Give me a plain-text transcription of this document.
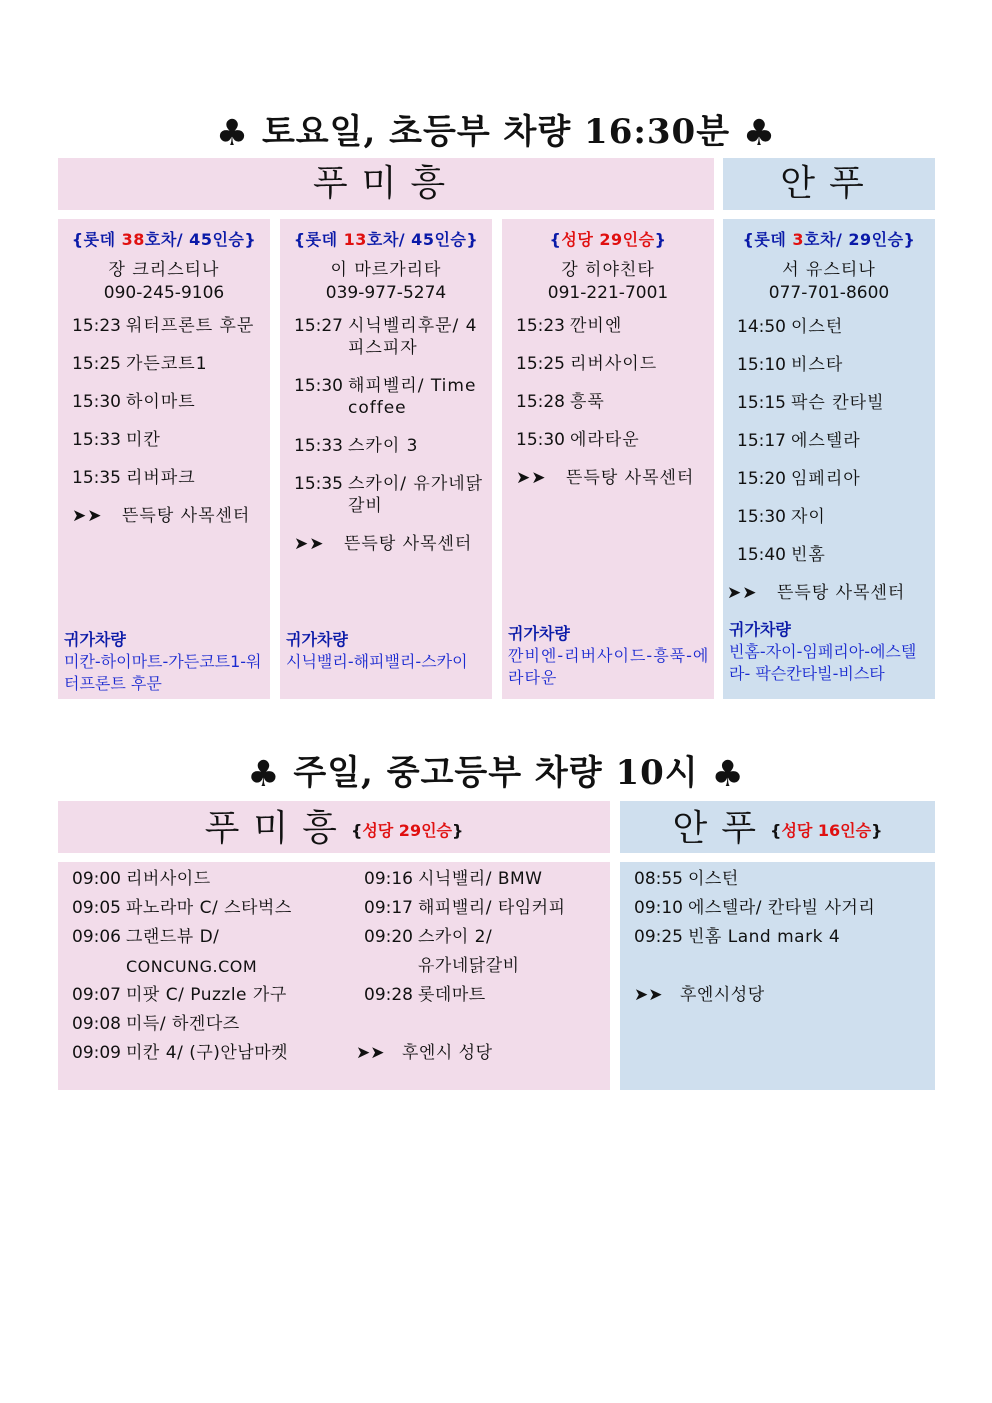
♣ 토요일, 초등부 차량 16:30분 ♣
푸미흥	안푸
{롯데 38호차/ 45인승}
장 크리스티나
090-245-9106
15:23 워터프론트 후문
15:25 가든코트1
15:30 하이마트
15:33 미칸
15:35 리버파크
➤➤	뜬득탕 사목센터
귀가차량
미칸-하이마트-가든코트1-워터프론트 후문
{롯데 13호차/ 45인승}
이 마르가리타
039-977-5274
15:27 시닉벨리후문/ 4피스피자
15:30 해피벨리/ Time coffee
15:33 스카이 3
15:35 스카이/ 유가네닭갈비
➤➤	뜬득탕 사목센터
귀가차량
시닉밸리-해피밸리-스카이
{성당 29인승}
강 히야친타
091-221-7001
15:23 깐비엔
15:25 리버사이드
15:28 흥푹
15:30 에라타운
➤➤	뜬득탕 사목센터
귀가차량
깐비엔-리버사이드-흥푹-에라타운
{롯데 3호차/ 29인승}
서 유스티나
077-701-8600
14:50 이스턴
15:10 비스타
15:15 팍슨 칸타빌
15:17 에스텔라
15:20 임페리아
15:30 자이
15:40 빈홈
➤➤	뜬득탕 사목센터
귀가차량
빈홈-자이-임페리아-에스텔라- 팍슨칸타빌-비스타
♣ 주일, 중고등부 차량 10시 ♣
푸미흥{성당 29인승}	안푸{성당 16인승}
09:00 리버사이드
09:05 파노라마 C/ 스타벅스
09:06 그랜드뷰 D/
CONCUNG.COM
09:07 미팟 C/ Puzzle 가구
09:08 미득/ 하겐다즈
09:09 미칸 4/ (구)안남마켓
09:16 시닉밸리/ BMW
09:17 해피밸리/ 타임커피
09:20 스카이 2/
유가네닭갈비
09:28 롯데마트
➤➤	후엔시 성당
08:55 이스턴
09:10 에스텔라/ 칸타빌 사거리
09:25 빈홈 Land mark 4
➤➤	후엔시성당
